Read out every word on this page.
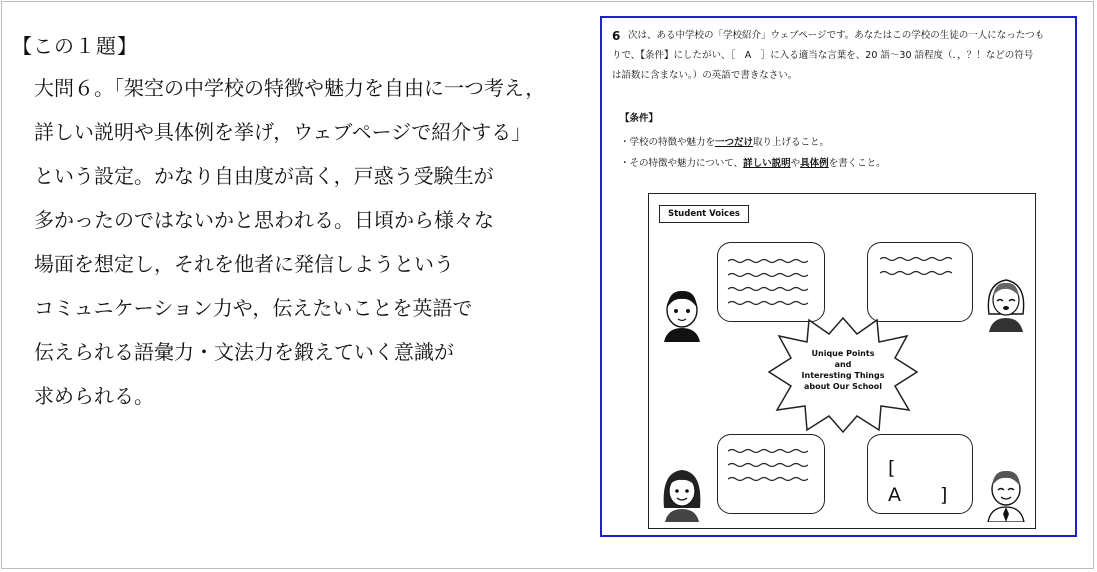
【この１題】

大問６。「架空の中学校の特徴や魅力を自由に一つ考え，

詳しい説明や具体例を挙げ，ウェブページで紹介する」

という設定。かなり自由度が高く，戸惑う受験生が

多かったのではないかと思われる。日頃から様々な

場面を想定し，それを他者に発信しようという

コミュニケーション力や，伝えたいことを英語で

伝えられる語彙力・文法力を鍛えていく意識が

求められる。

6 次は、ある中学校の「学校紹介」ウェブページです。あなたはこの学校の生徒の一人になったつも
りで、【条件】にしたがい、［　A　］に入る適当な言葉を、20 語～30 語程度（．，？！などの符号
は語数に含まない。）の英語で書きなさい。
【条件】
・学校の特徴や魅力を一つだけ取り上げること。
・その特徴や魅力について、詳しい説明や具体例を書くこと。
Student Voices
[　A　]
Unique Points
and
Interesting Things
about Our School
